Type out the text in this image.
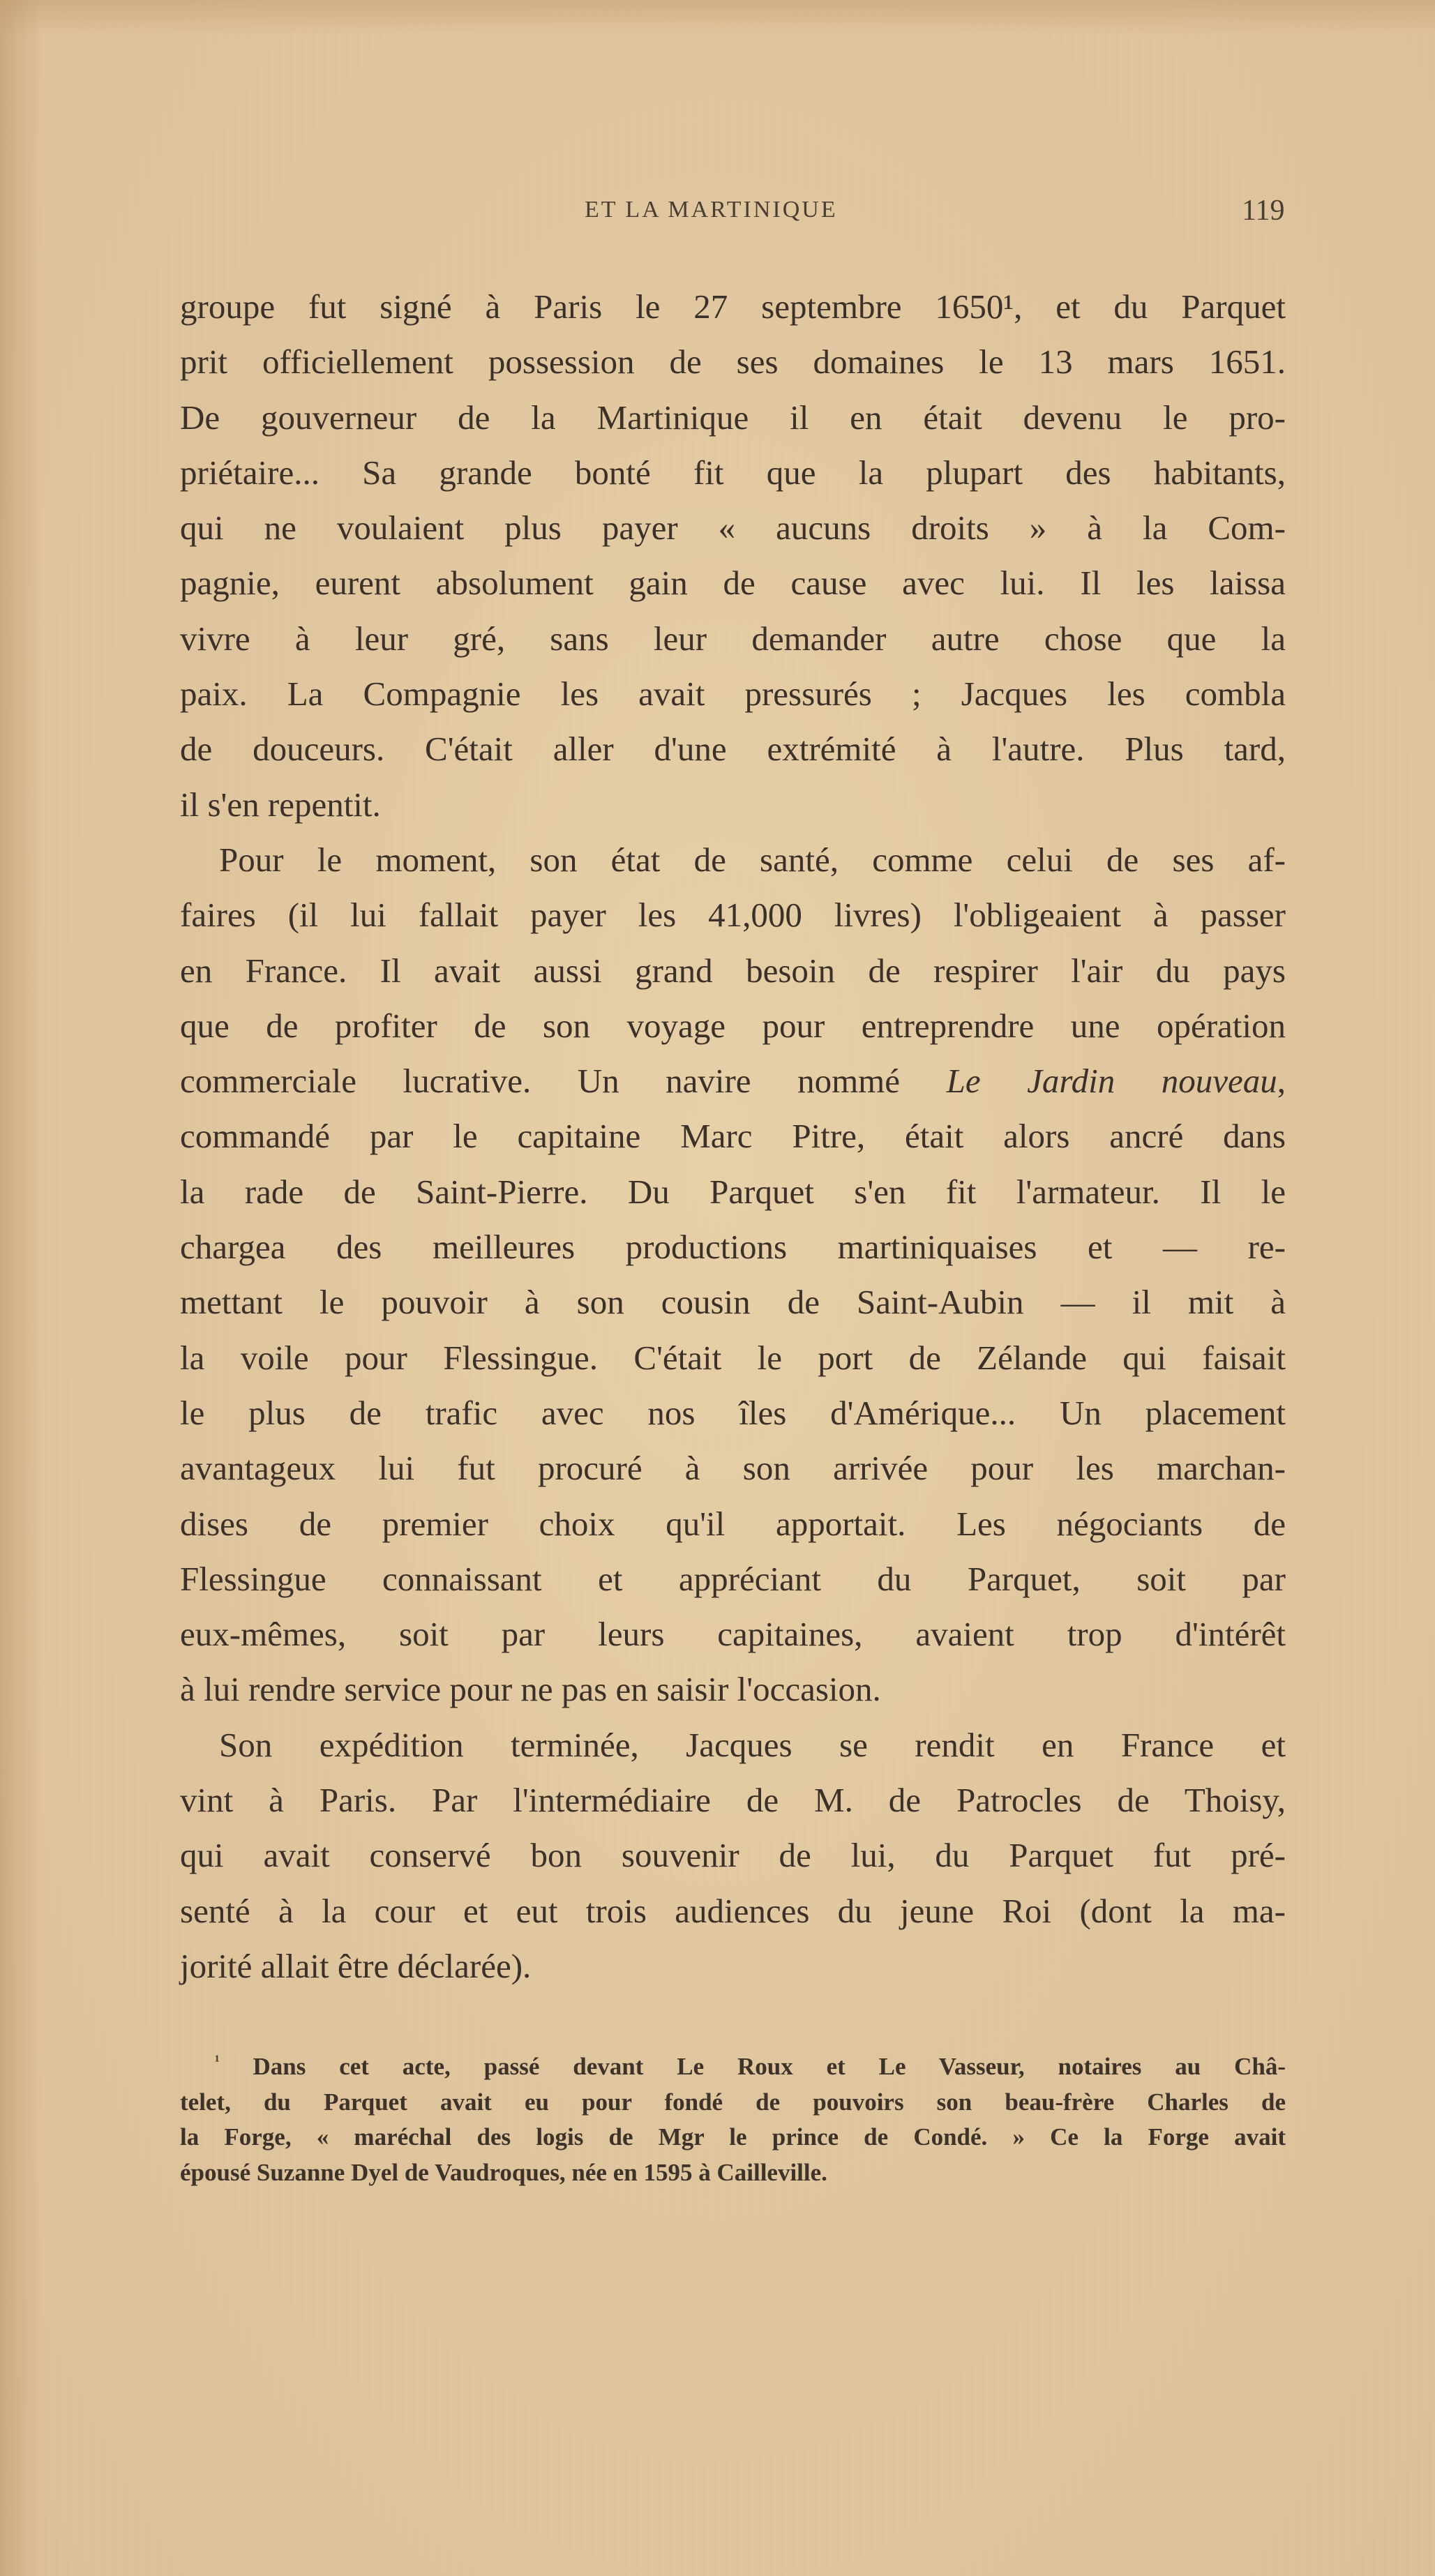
ET LA MARTINIQUE	119
groupe fut signé à Paris le 27 septembre 1650¹, et du Parquet
prit officiellement possession de ses domaines le 13 mars 1651.
De gouverneur de la Martinique il en était devenu le pro-
priétaire... Sa grande bonté fit que la plupart des habitants,
qui ne voulaient plus payer « aucuns droits » à la Com-
pagnie, eurent absolument gain de cause avec lui. Il les laissa
vivre à leur gré, sans leur demander autre chose que la
paix. La Compagnie les avait pressurés ; Jacques les combla
de douceurs. C'était aller d'une extrémité à l'autre. Plus tard,
il s'en repentit.
Pour le moment, son état de santé, comme celui de ses af-
faires (il lui fallait payer les 41,000 livres) l'obligeaient à passer
en France. Il avait aussi grand besoin de respirer l'air du pays
que de profiter de son voyage pour entreprendre une opération
commerciale lucrative. Un navire nommé Le Jardin nouveau,
commandé par le capitaine Marc Pitre, était alors ancré dans
la rade de Saint-Pierre. Du Parquet s'en fit l'armateur. Il le
chargea des meilleures productions martiniquaises et — re-
mettant le pouvoir à son cousin de Saint-Aubin — il mit à
la voile pour Flessingue. C'était le port de Zélande qui faisait
le plus de trafic avec nos îles d'Amérique... Un placement
avantageux lui fut procuré à son arrivée pour les marchan-
dises de premier choix qu'il apportait. Les négociants de
Flessingue connaissant et appréciant du Parquet, soit par
eux-mêmes, soit par leurs capitaines, avaient trop d'intérêt
à lui rendre service pour ne pas en saisir l'occasion.
Son expédition terminée, Jacques se rendit en France et
vint à Paris. Par l'intermédiaire de M. de Patrocles de Thoisy,
qui avait conservé bon souvenir de lui, du Parquet fut pré-
senté à la cour et eut trois audiences du jeune Roi (dont la ma-
jorité allait être déclarée).
$^{^1}$ Dans cet acte, passé devant Le Roux et Le Vasseur, notaires au Châ-
telet, du Parquet avait eu pour fondé de pouvoirs son beau-frère Charles de
la Forge, « maréchal des logis de Mgr le prince de Condé. » Ce la Forge avait
épousé Suzanne Dyel de Vaudroques, née en 1595 à Cailleville.
